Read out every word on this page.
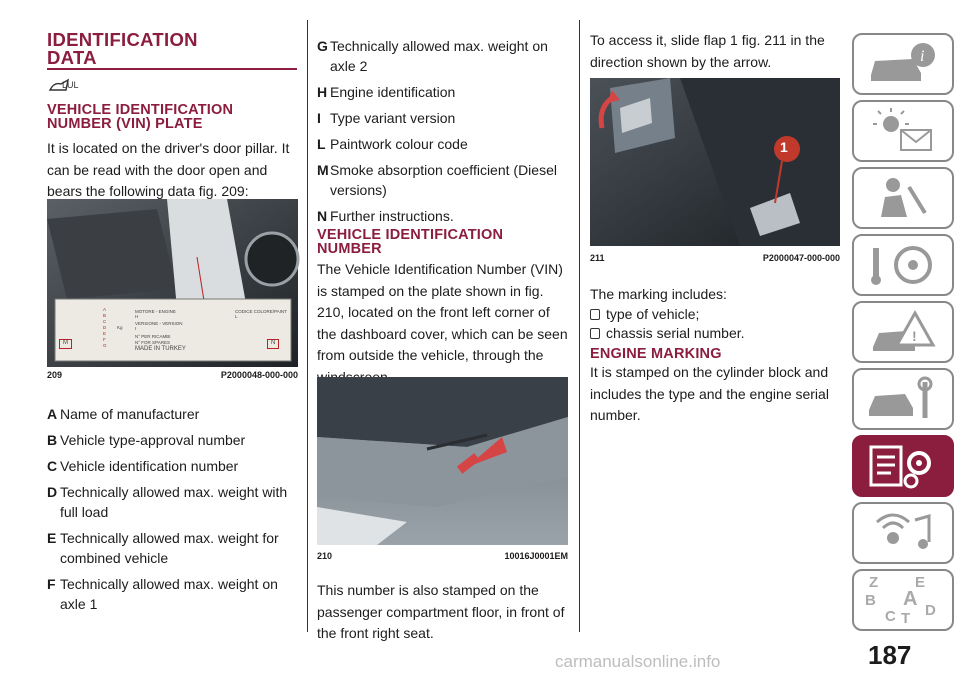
IDENTIFICATION DATA
LUL
VEHICLE IDENTIFICATION NUMBER (VIN) PLATE

It is located on the driver's door pillar. It can be read with the door open and bears the following data fig. 209:

MOTORE - ENGINE
H
CODICE COLORE/PAINT
L
VERSIONE - VERSION
I
N° PER RICAMBI
N° FOR SPARES
MADE IN TURKEY
A
B
C
D
E
F
G
Kg
M	N
209	P2000048-000-000
A Name of manufacturer
B Vehicle type-approval number
C Vehicle identification number
D Technically allowed max. weight with full load
E Technically allowed max. weight for combined vehicle
F Technically allowed max. weight on axle 1
G Technically allowed max. weight on axle 2
H Engine identification
I Type variant version
L Paintwork colour code
M Smoke absorption coefficient (Diesel versions)
N Further instructions.
VEHICLE IDENTIFICATION NUMBER

The Vehicle Identification Number (VIN) is stamped on the plate shown in fig. 210, located on the front left corner of the dashboard cover, which can be seen from outside the vehicle, through the

210	10016J0001EM

This number is also stamped on the passenger compartment floor, in front of the front right seat.

To access it, slide flap 1 fig. 211 in the direction shown by the arrow.

1
211	P2000047-000-000

The marking includes:

type of vehicle;
chassis serial number.
ENGINE MARKING

It is stamped on the cylinder block and includes the type and the engine serial number.

i
!
Z E
B A
C T D
187
carmanualsonline.info
